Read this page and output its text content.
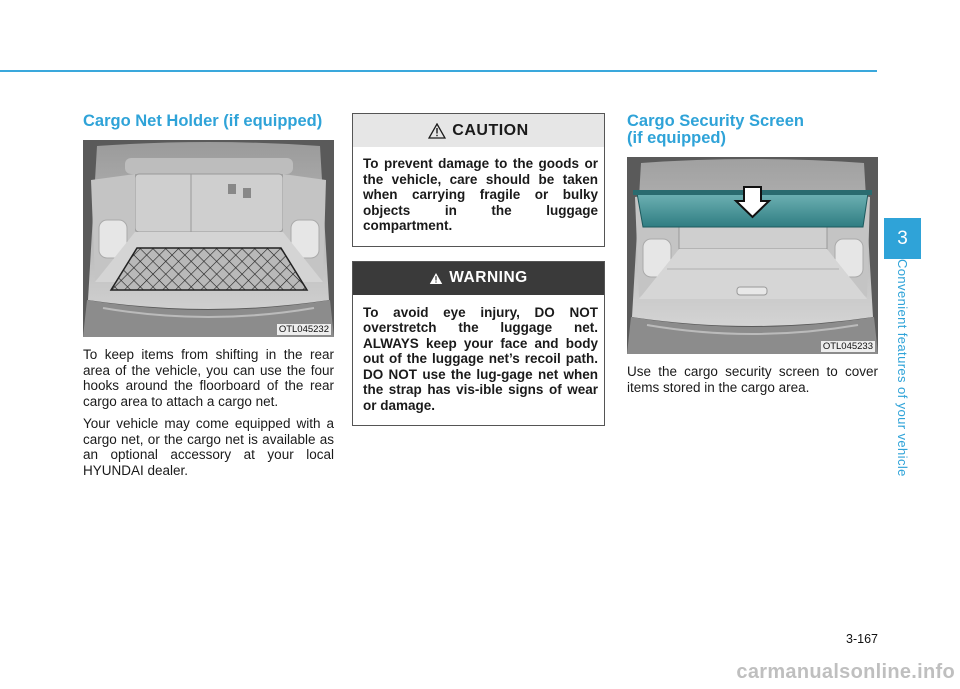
Cargo Net Holder (if equipped)
OTL045232

To keep items from shifting in the rear area of the vehicle, you can use the four hooks around the floorboard of the rear cargo area to attach a cargo net.

Your vehicle may come equipped with a cargo net, or the cargo net is available as an optional accessory at your local HYUNDAI dealer.

CAUTION
To prevent damage to the goods or the vehicle, care should be taken when carrying fragile or bulky objects in the luggage compartment.
WARNING
To avoid eye injury, DO NOT overstretch the luggage net. ALWAYS keep your face and body out of the luggage net’s recoil path. DO NOT use the lug-gage net when the strap has vis-ible signs of wear or damage.
Cargo Security Screen
(if equipped)
OTL045233

Use the cargo security screen to cover items stored in the cargo area.

3
Convenient features of your vehicle
3-167
carmanualsonline.info
